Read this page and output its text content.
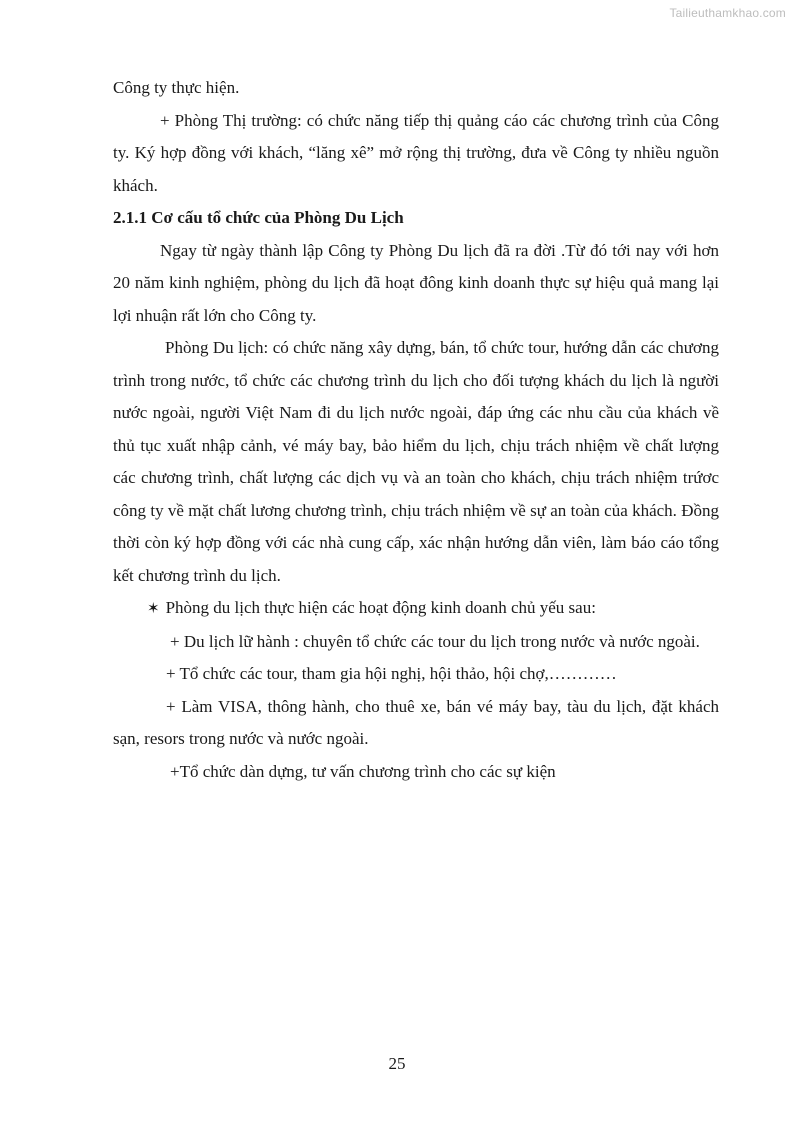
Tailieuthamkhao.com

Công ty thực hiện.

+ Phòng Thị trường: có chức năng tiếp thị quảng cáo các chương trình của Công ty. Ký hợp đồng với khách, “lăng xê” mở rộng thị trường, đưa về Công ty nhiều nguồn khách.

2.1.1 Cơ cấu tổ chức của Phòng Du Lịch

Ngay từ ngày thành lập Công ty Phòng Du lịch đã ra đời .Từ đó tới nay với hơn 20 năm kinh nghiệm, phòng du lịch đã hoạt đông kinh doanh thực sự hiệu quả mang lại lợi nhuận rất lớn cho Công ty.

Phòng Du lịch: có chức năng xây dựng, bán, tổ chức tour, hướng dẫn các chương trình trong nước, tổ chức các chương trình du lịch cho đối tượng khách du lịch là người nước ngoài, người Việt Nam đi du lịch nước ngoài, đáp ứng các nhu cầu của khách về thủ tục xuất nhập cảnh, vé máy bay, bảo hiểm du lịch, chịu trách nhiệm về chất lượng các chương trình, chất lượng các dịch vụ và an toàn cho khách, chịu trách nhiệm trứơc công ty về mặt chất lương chương trình, chịu trách nhiệm về sự an toàn của khách. Đồng thời còn ký hợp đồng với các nhà cung cấp, xác nhận hướng dẫn viên, làm báo cáo tổng kết chương trình du lịch.

✶ Phòng du lịch thực hiện các hoạt động kinh doanh chủ yếu sau:

+ Du lịch lữ hành : chuyên tổ chức các tour du lịch trong nước và nước ngoài.

+ Tổ chức các tour, tham gia hội nghị, hội thảo, hội chợ,…………

+ Làm VISA, thông hành, cho thuê xe, bán vé máy bay, tàu du lịch, đặt khách sạn, resors trong nước và nước ngoài.

+Tổ chức dàn dựng, tư vấn chương trình cho các sự kiện

25
